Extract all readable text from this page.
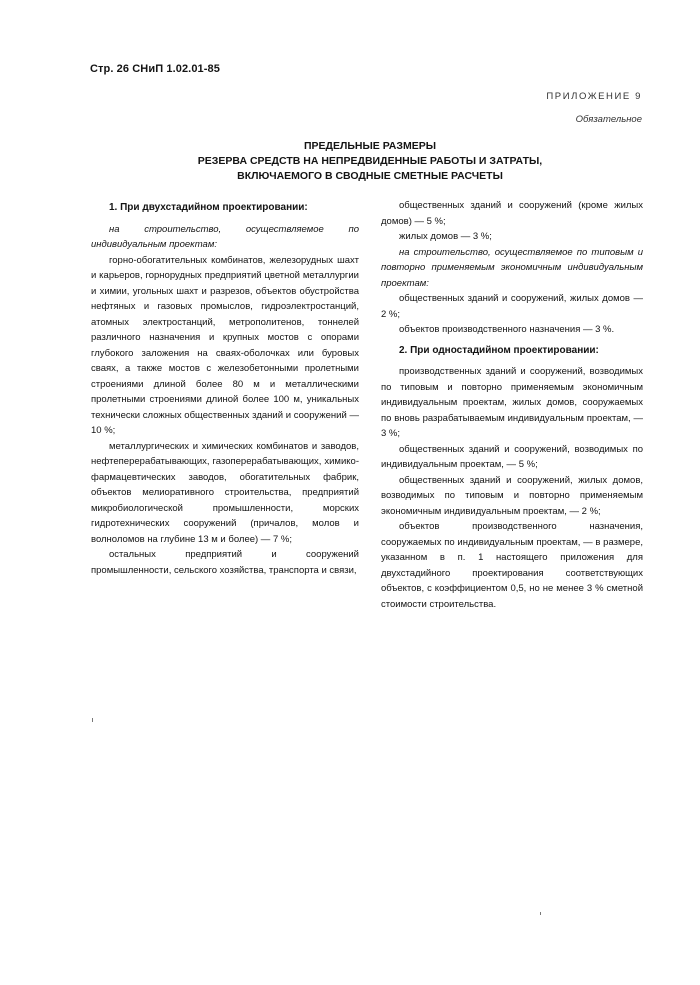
Стр. 26 СНиП 1.02.01-85
ПРИЛОЖЕНИЕ 9
Обязательное
ПРЕДЕЛЬНЫЕ РАЗМЕРЫ
РЕЗЕРВА СРЕДСТВ НА НЕПРЕДВИДЕННЫЕ РАБОТЫ И ЗАТРАТЫ,
ВКЛЮЧАЕМОГО В СВОДНЫЕ СМЕТНЫЕ РАСЧЕТЫ
1. При двухстадийном проектировании:

на строительство, осуществляемое по индивидуальным проектам:

горно-обогатительных комбинатов, железорудных шахт и карьеров, горнорудных предприятий цветной металлургии и химии, угольных шахт и разрезов, объектов обустройства нефтяных и газовых промыслов, гидроэлектростанций, атомных электростанций, метрополитенов, тоннелей различного назначения и крупных мостов с опорами глубокого заложения на сваях-оболочках или буровых сваях, а также мостов с железобетонными пролетными строениями длиной более 80 м и металлическими пролетными строениями длиной более 100 м, уникальных технически сложных общественных зданий и сооружений — 10 %;

металлургических и химических комбинатов и заводов, нефтеперерабатывающих, газоперерабатывающих, химико-фармацевтических заводов, обогатительных фабрик, объектов мелиоративного строительства, предприятий микробиологической промышленности, морских гидротехнических сооружений (причалов, молов и волноломов на глубине 13 м и более) — 7 %;

остальных предприятий и сооружений промышленности, сельского хозяйства, транспорта и связи,

общественных зданий и сооружений (кроме жилых домов) — 5 %;

жилых домов — 3 %;

на строительство, осуществляемое по типовым и повторно применяемым экономичным индивидуальным проектам:

общественных зданий и сооружений, жилых домов — 2 %;

объектов производственного назначения — 3 %.

2. При одностадийном проектировании:

производственных зданий и сооружений, возводимых по типовым и повторно применяемым экономичным индивидуальным проектам, жилых домов, сооружаемых по вновь разрабатываемым индивидуальным проектам, — 3 %;

общественных зданий и сооружений, возводимых по индивидуальным проектам, — 5 %;

общественных зданий и сооружений, жилых домов, возводимых по типовым и повторно применяемым экономичным индивидуальным проектам, — 2 %;

объектов производственного назначения, сооружаемых по индивидуальным проектам, — в размере, указанном в п. 1 настоящего приложения для двухстадийного проектирования соответствующих объектов, с коэффициентом 0,5, но не менее 3 % сметной стоимости строительства.
